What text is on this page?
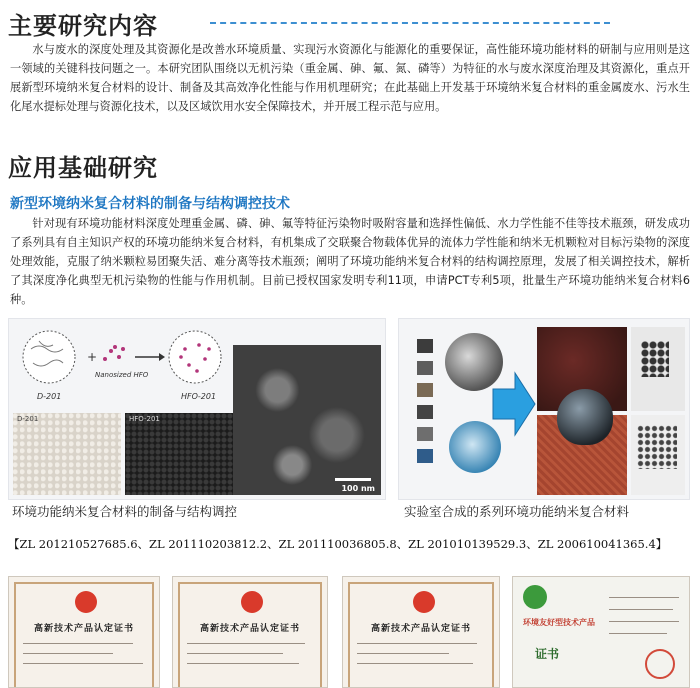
主要研究内容
水与废水的深度处理及其资源化是改善水环境质量、实现污水资源化与能源化的重要保证，高性能环境功能材料的研制与应用则是这一领域的关键科技问题之一。本研究团队围绕以无机污染（重金属、砷、氟、氮、磷等）为特征的水与废水深度治理及其资源化，重点开展新型环境纳米复合材料的设计、制备及其高效净化性能与作用机理研究；在此基础上开发基于环境纳米复合材料的重金属废水、污水生化尾水提标处理与资源化技术，以及区域饮用水安全保障技术，并开展工程示范与应用。
应用基础研究
新型环境纳米复合材料的制备与结构调控技术
针对现有环境功能材料深度处理重金属、磷、砷、氟等特征污染物时吸附容量和选择性偏低、水力学性能不佳等技术瓶颈，研发成功了系列具有自主知识产权的环境功能纳米复合材料，有机集成了交联聚合物载体优异的流体力学性能和纳米无机颗粒对目标污染物的深度处理效能，克服了纳米颗粒易团聚失活、难分离等技术瓶颈；阐明了环境功能纳米复合材料的结构调控原理，发展了相关调控技术，解析了其深度净化典型无机污染物的性能与作用机制。目前已授权国家发明专利11项，申请PCT专利5项，批量生产环境功能纳米复合材料6种。
D-201
+
Nanosized HFO
HFO-201
D-201	HFO-201
100 nm
环境功能纳米复合材料的制备与结构调控	实验室合成的系列环境功能纳米复合材料
【ZL 201210527685.6、ZL 201110203812.2、ZL 201110036805.8、ZL 201010139529.3、ZL 200610041365.4】
高新技术产品认定证书	高新技术产品认定证书	高新技术产品认定证书
环境友好型技术产品
证书
